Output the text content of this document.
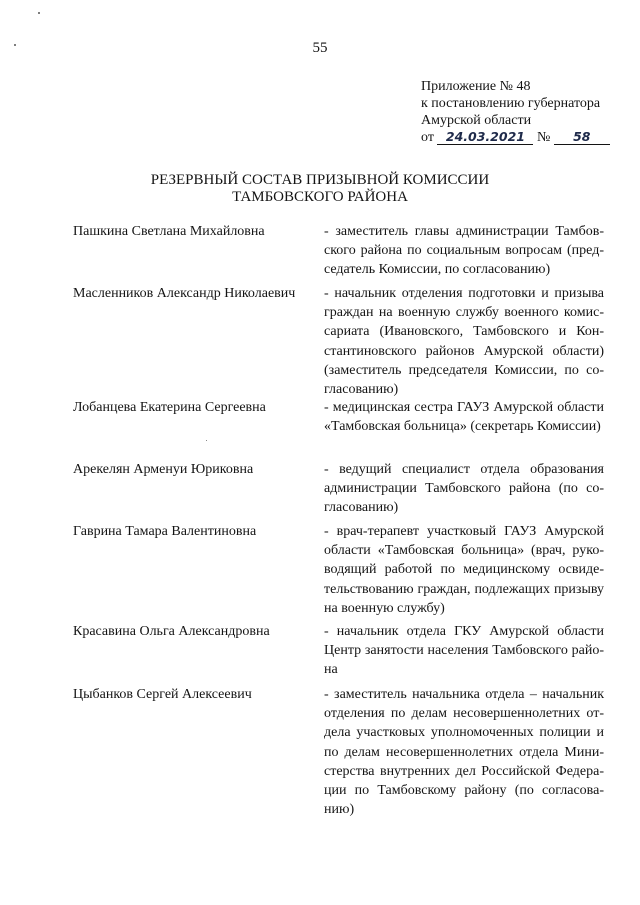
55
Приложение № 48
к постановлению губернатора
Амурской области
от 24.03.2021 № 58
РЕЗЕРВНЫЙ СОСТАВ ПРИЗЫВНОЙ КОМИССИИ
ТАМБОВСКОГО РАЙОНА
Пашкина Светлана Михайловна	- заместитель главы администрации Тамбовского района по социальным вопросам (председатель Комиссии, по согласованию)
Масленников Александр Николаевич - начальник отделения подготовки и призыва граждан на военную службу военного комиссариата (Ивановского, Тамбовского и Константиновского районов Амурской области) (заместитель председателя Комиссии, по согласованию)
Лобанцева Екатерина Сергеевна	- медицинская сестра ГАУЗ Амурской области «Тамбовская больница» (секретарь Комиссии)
Арекелян Арменуи Юриковна	- ведущий специалист отдела образования администрации Тамбовского района (по согласованию)
Гаврина Тамара Валентиновна	- врач-терапевт участковый ГАУЗ Амурской области «Тамбовская больница» (врач, руководящий работой по медицинскому освидетельствованию граждан, подлежащих призыву на военную службу)
Красавина Ольга Александровна	- начальник отдела ГКУ Амурской области Центр занятости населения Тамбовского района
Цыбанков Сергей Алексеевич	- заместитель начальника отдела – начальник отделения по делам несовершеннолетних отдела участковых уполномоченных полиции и по делам несовершеннолетних отдела Министерства внутренних дел Российской Федерации по Тамбовскому району (по согласованию)
